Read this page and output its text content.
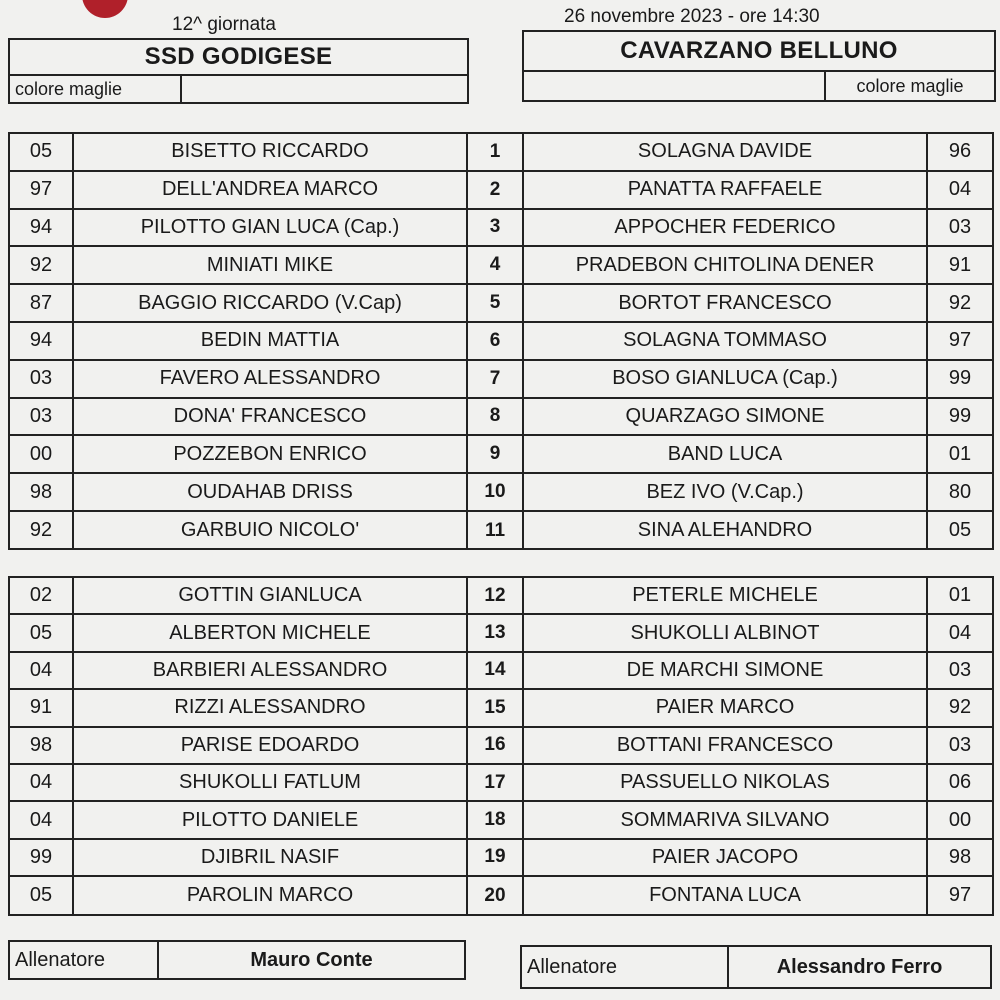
12^ giornata	26 novembre 2023 - ore 14:30
SSD GODIGESE
colore maglie
CAVARZANO BELLUNO
colore maglie
05	BISETTO RICCARDO	1	SOLAGNA DAVIDE	96
97	DELL'ANDREA MARCO	2	PANATTA RAFFAELE	04
94	PILOTTO GIAN LUCA (Cap.)	3	APPOCHER FEDERICO	03
92	MINIATI MIKE	4	PRADEBON CHITOLINA DENER	91
87	BAGGIO RICCARDO (V.Cap)	5	BORTOT FRANCESCO	92
94	BEDIN MATTIA	6	SOLAGNA TOMMASO	97
03	FAVERO ALESSANDRO	7	BOSO GIANLUCA (Cap.)	99
03	DONA' FRANCESCO	8	QUARZAGO SIMONE	99
00	POZZEBON ENRICO	9	BAND LUCA	01
98	OUDAHAB DRISS	10	BEZ IVO (V.Cap.)	80
92	GARBUIO NICOLO'	11	SINA ALEHANDRO	05
02	GOTTIN GIANLUCA	12	PETERLE MICHELE	01
05	ALBERTON MICHELE	13	SHUKOLLI ALBINOT	04
04	BARBIERI ALESSANDRO	14	DE MARCHI SIMONE	03
91	RIZZI ALESSANDRO	15	PAIER MARCO	92
98	PARISE EDOARDO	16	BOTTANI FRANCESCO	03
04	SHUKOLLI FATLUM	17	PASSUELLO NIKOLAS	06
04	PILOTTO DANIELE	18	SOMMARIVA SILVANO	00
99	DJIBRIL NASIF	19	PAIER JACOPO	98
05	PAROLIN MARCO	20	FONTANA LUCA	97
Allenatore	Mauro Conte	Allenatore	Alessandro Ferro
